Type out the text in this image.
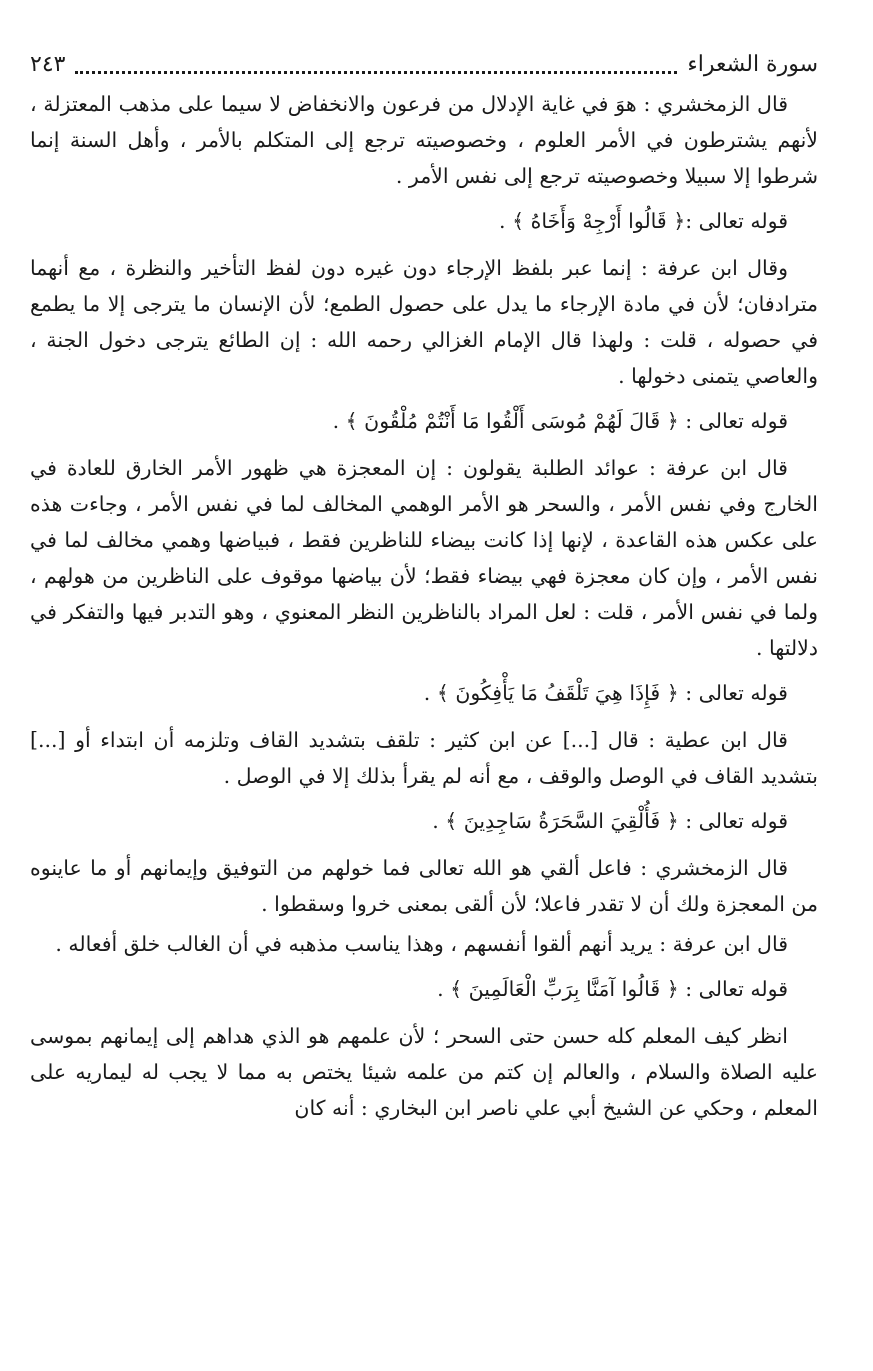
سورة الشعراء
٢٤٣

قال الزمخشري : هوَ في غاية الإدلال من فرعون والانخفاض لا سيما على مذهب المعتزلة ، لأنهم يشترطون في الأمر العلوم ، وخصوصيته ترجع إلى المتكلم بالأمر ، وأهل السنة إنما شرطوا إلا سبيلا وخصوصيته ترجع إلى نفس الأمر .

قوله تعالى :﴿ قَالُوا أَرْجِهْ وَأَخَاهُ ﴾ .

وقال ابن عرفة : إنما عبر بلفظ الإرجاء دون غيره دون لفظ التأخير والنظرة ، مع أنهما مترادفان؛ لأن في مادة الإرجاء ما يدل على حصول الطمع؛ لأن الإنسان ما يترجى إلا ما يطمع في حصوله ، قلت : ولهذا قال الإمام الغزالي رحمه الله : إن الطائع يترجى دخول الجنة ، والعاصي يتمنى دخولها .

قوله تعالى : ﴿ قَالَ لَهُمْ مُوسَى أَلْقُوا مَا أَنْتُمْ مُلْقُونَ ﴾ .

قال ابن عرفة : عوائد الطلبة يقولون : إن المعجزة هي ظهور الأمر الخارق للعادة في الخارج وفي نفس الأمر ، والسحر هو الأمر الوهمي المخالف لما في نفس الأمر ، وجاءت هذه على عكس هذه القاعدة ، لإنها إذا كانت بيضاء للناظرين فقط ، فبياضها وهمي مخالف لما في نفس الأمر ، وإن كان معجزة فهي بيضاء فقط؛ لأن بياضها موقوف على الناظرين من هولهم ، ولما في نفس الأمر ، قلت : لعل المراد بالناظرين النظر المعنوي ، وهو التدبر فيها والتفكر في دلالتها .

قوله تعالى : ﴿ فَإِذَا هِيَ تَلْقَفُ مَا يَأْفِكُونَ ﴾ .

قال ابن عطية : قال [...] عن ابن كثير : تلقف بتشديد القاف وتلزمه أن ابتداء أو [...] بتشديد القاف في الوصل والوقف ، مع أنه لم يقرأ بذلك إلا في الوصل .

قوله تعالى : ﴿ فَأُلْقِيَ السَّحَرَةُ سَاجِدِينَ ﴾ .

قال الزمخشري : فاعل ألقي هو الله تعالى فما خولهم من التوفيق وإيمانهم أو ما عاينوه من المعجزة ولك أن لا تقدر فاعلا؛ لأن ألقى بمعنى خروا وسقطوا .

قال ابن عرفة : يريد أنهم ألقوا أنفسهم ، وهذا يناسب مذهبه في أن الغالب خلق أفعاله .

قوله تعالى : ﴿ قَالُوا آمَنَّا بِرَبِّ الْعَالَمِينَ ﴾ .

انظر كيف المعلم كله حسن حتى السحر ؛ لأن علمهم هو الذي هداهم إلى إيمانهم بموسى عليه الصلاة والسلام ، والعالم إن كتم من علمه شيئا يختص به مما لا يجب له ليماريه على المعلم ، وحكي عن الشيخ أبي علي ناصر ابن البخاري : أنه كان
